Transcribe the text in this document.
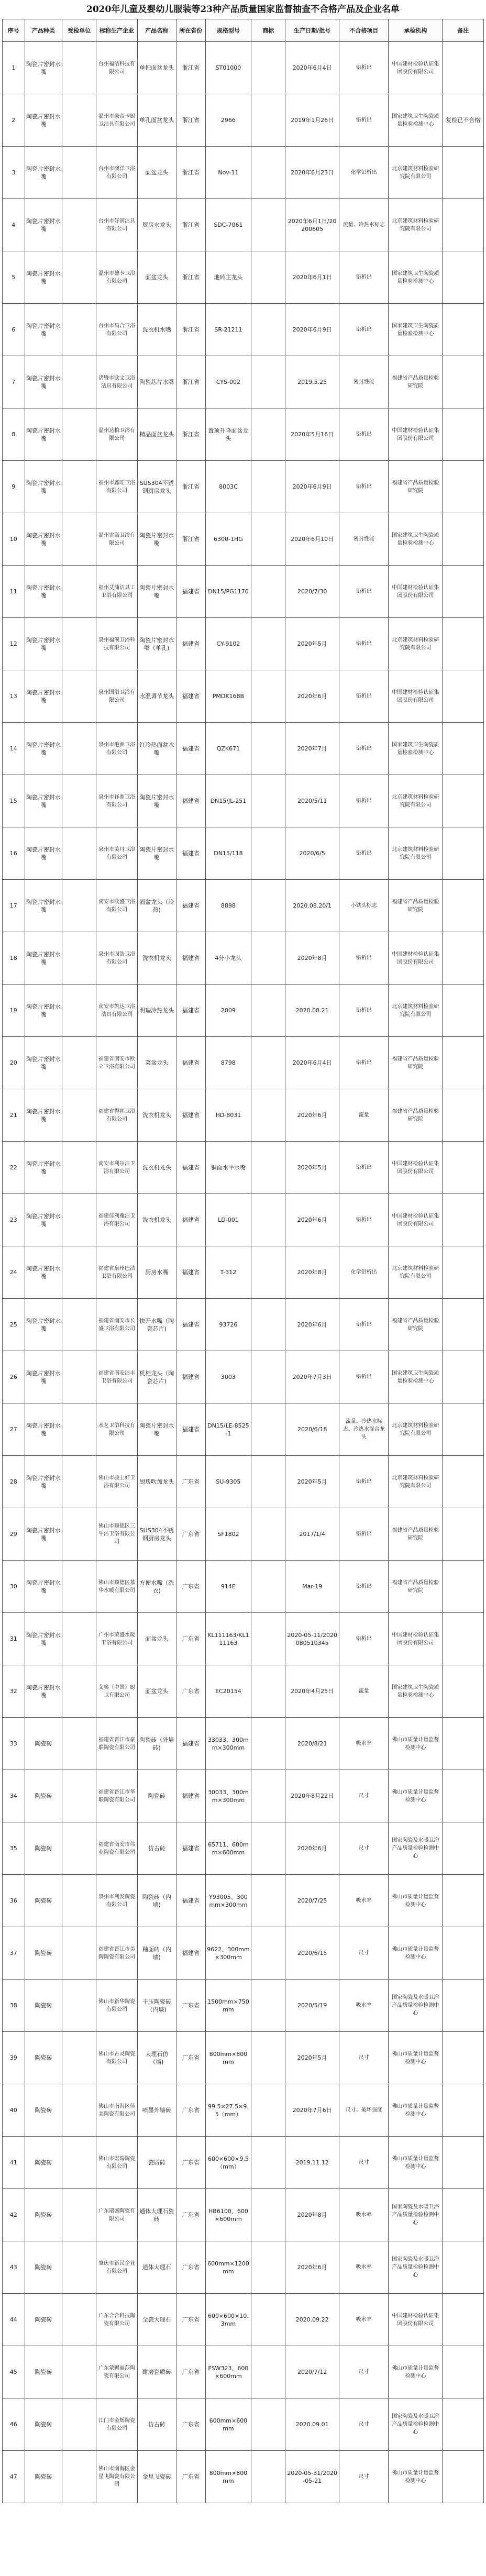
2020年儿童及婴幼儿服装等23种产品质量国家监督抽查不合格产品及企业名单
序号	产品种类	受检单位	标称生产企业	产品名称	所在省份	规格型号	商标	生产日期/批号	不合格项目	承检机构	备注
1	陶瓷片密封水嘴		台州福洁科技有限公司	单把面盆龙头	浙江省	ST01000		2020年6月4日	铅析出	中国建材检验认证集团股份有限公司	
2	陶瓷片密封水嘴		温州市豪帝卡厨卫洁具有限公司	单孔面盆龙头	浙江省	2966		2019年1月26日	铅析出	国家建筑卫生陶瓷质量检验检测中心	复检已不合格
3	陶瓷片密封水嘴		台州市澳洋卫浴有限公司	面盆龙头	浙江省	Nov-11		2020年6月23日	化学铅析出	北京建筑材料检验研究院有限公司	
4	陶瓷片密封水嘴		台州市好润洁具有限公司	厨房水龙头	浙江省	SDC-7061		2020年6月1日/20200605	流量、冷热水标志	北京建筑材料检验研究院有限公司	
5	陶瓷片密封水嘴		温州市德卡卫浴有限公司	面盆龙头	浙江省	地砖主龙头		2020年6月1日	铅析出	国家建筑卫生陶瓷质量检验检测中心	
6	陶瓷片密封水嘴		台州市昌合卫浴有限公司	洗衣机水嘴	浙江省	SR-21211		2020年6月9日	铅析出	国家建筑卫生陶瓷质量检验检测中心	
7	陶瓷片密封水嘴		诸暨市欧文卫浴洁具有限公司	陶瓷芯片水嘴	浙江省	CYS-002		2019.5.25	密封性能	福建省产品质量检验研究院	
8	陶瓷片密封水嘴		温州达柏卫浴有限公司	精品面盆龙头	浙江省	置顶升降面盆龙头		2020年5月16日	铅析出	中国建材检验认证集团股份有限公司	
9	陶瓷片密封水嘴		福州市鑫旺卫浴有限公司	SUS304不锈钢厨房龙头	浙江省	8003C		2020年6月9日	铅析出	福建省产品质量检验研究院	
10	陶瓷片密封水嘴		温州雷诺卫浴有限公司	陶瓷片密封水嘴	浙江省	6300-1HG		2020年6月10日	密封性能	国家建筑卫生陶瓷质量检验检测中心	
11	陶瓷片密封水嘴		福州艾浦洁具工卫浴有限公司	陶瓷片密封水嘴	福建省	DN15/PG1176		2020/7/30	铅析出	中国建材检验认证集团股份有限公司	
12	陶瓷片密封水嘴		泉州福溪卫浴科技有限公司	陶瓷片密封水嘴（单孔)	福建省	CY-9102		2020年5月	铅析出	北京建筑材料检验研究院有限公司	
13	陶瓷片密封水嘴		泉州国浴卫浴有限公司	水温调节龙头	福建省	PMDK168B		2020年6月	铅析出	中国建材检验认证集团股份有限公司	
14	陶瓷片密封水嘴		泉州市港洲卫浴有限公司	红冷热面盆水嘴	福建省	QZK671		2020年7月	铅析出	国家建筑卫生陶瓷质量检验检测中心	
15	陶瓷片密封水嘴		泉州市祥鼎卫浴有限公司	陶瓷片密封水嘴	福建省	DN15/JL-251		2020/5/11	铅析出	北京建筑材料检验研究院有限公司	
16	陶瓷片密封水嘴		泉州市美丹卫浴有限公司	陶瓷片密封水嘴	福建省	DN15/118		2020/6/5	铅析出	北京建筑材料检验研究院有限公司	
17	陶瓷片密封水嘴		南安市欧盛卫浴有限公司	面盆龙头（冷热)	福建省	8898		2020.08.20/1	小铁头标志	福建省产品质量检验研究院	
18	陶瓷片密封水嘴		泉州市固浩卫浴有限公司	洗衣机龙头	福建省	4分小龙头		2020年8月	铅析出	中国建材检验认证集团股份有限公司	
19	陶瓷片密封水嘴		南安市凯达卫浴洁具有限公司	明瑞冷热龙头	福建省	2009		2020.08.21	铅析出	北京建筑材料检验研究院有限公司	
20	陶瓷片密封水嘴		福建省南安市欧立卫浴有限公司	菜盆龙头	福建省	8798		2020年6月4日	铅析出	福建省产品质量检验研究院	
21	陶瓷片密封水嘴		福建省得邦卫浴有限公司	洗衣机龙头	福建省	HD-8031		2020年6月	流量	福建省产品质量检验研究院	
22	陶瓷片密封水嘴		南安市利尔洁卫浴有限公司	洗衣机龙头	福建省	铜面水平水嘴		2020年5月	铅析出	中国建材检验认证集团股份有限公司	
23	陶瓷片密封水嘴		福建佳利雅洁卫浴有限公司	洗衣机龙头	福建省	LD-001		2020年6月	铅析出	中国建材检验认证集团股份有限公司	
24	陶瓷片密封水嘴		福建省泉州巴洁卫浴有限公司	厨房水嘴	福建省	T-312		2020年8月	化学铅析出	北京建筑材料检验研究院有限公司	
25	陶瓷片密封水嘴		福建省南安市长盛卫浴有限公司	快开水嘴（陶瓷芯片)	福建省	93726		2020年6月	铅析出	福建省产品质量检验研究院	
26	陶瓷片密封水嘴		福建省南安洁丰卫浴有限公司	机柜龙头（陶瓷芯片)	福建省	3003		2020年7月3日	铅析出	国家建筑卫生陶瓷质量检验检测中心	
27	陶瓷片密封水嘴		水艺卫浴科技有限公司	陶瓷片密封水嘴	福建省	DN15/LE-8525-1		2020/6/18	流量、冷热水标志、冷热水混合龙头	北京建筑材料检验研究院有限公司	
28	陶瓷片密封水嘴		佛山市骏上好卫浴有限公司	厨房吹加龙头	广东省	SU-9305		2020年5月	铅析出	北京建筑材料检验研究院有限公司	
29	陶瓷片密封水嘴		佛山市顺德区三牛洁卫浴有限公司	SUS304不锈钢厨房龙头	广东省	SF1802		2017/1/4	铅析出	福建省产品质量检验研究院	
30	陶瓷片密封水嘴		佛山市顺德区慕华水暖有限公司	方便水嘴（洗衣)	广东省	914E		Mar-19	铅析出	福建省产品质量检验研究院	
31	陶瓷片密封水嘴		广州市荣盛水暖卫浴有限公司	面盆龙头	广东省	KL111163/KL111163		2020-05-11/2020080510345	铅析出	中国建材检验认证集团股份有限公司	
32	陶瓷片密封水嘴		艾奥（中国）厨卫有限公司	面盆龙头	广东省	EC20154		2020年4月25日	流量	国家建筑卫生陶瓷质量检验检测中心	
33	陶瓷砖		福建省晋江市豪联陶瓷有限公司	陶瓷砖（外墙砖)	福建省	33033、300mm×300mm		2020/8/21	吸水率	佛山市质量计量监督检测中心	
34	陶瓷砖		福建省晋江市华联陶瓷有限公司	陶瓷砖	福建省	30033、300mm×300mm		2020年8月22日	尺寸	佛山市质量计量监督检测中心	
35	陶瓷砖		福建省南安市伟业陶瓷有限公司	仿古砖	福建省	65711、600mm×600mm		2020年6月	尺寸	国家陶瓷及水暖卫浴产品质量检验检测中心	
36	陶瓷砖		泉州市利发陶瓷有限公司	陶瓷砖（内墙)	福建省	Y93005、300mm×300mm		2020/7/25	吸水率	佛山市质量计量监督检测中心	
37	陶瓷砖		福建省晋江市美陶陶瓷有限公司	釉面砖（内墙)	福建省	9622、300mm×300mm		2020/6/15	尺寸	佛山市质量计量监督检测中心	
38	陶瓷砖		佛山市新华陶瓷有限公司	干压陶瓷砖（内墙)	广东省	1500mm×750mm		2020/5/19	吸水率	国家陶瓷及水暖卫浴产品质量检验检测中心	
39	陶瓷砖		佛山市古灵陶瓷有限公司	大理石仿（墙)	广东省	800mm×800mm		2020年5月	尺寸	佛山市质量计量监督检测中心	
40	陶瓷砖		佛山市南海区佳美陶瓷有限公司	喷墨外墙砖	广东省	99.5×27.5×9.5（mm）		2020年7月6日	尺寸、破坏强度	佛山市质量计量监督检测中心	
41	陶瓷砖		佛山市宏瑞陶瓷有限公司	瓷质砖	广东省	600×600×9.5（mm）		2019.11.12	尺寸	佛山市质量计量监督检测中心	
42	陶瓷砖		广东瑞盛陶瓷有限公司	通体大理石瓷砖	广东省	HB6100、600×600mm		2020年8月	吸水率	国家陶瓷及水暖卫浴产品质量检验检测中心	
43	陶瓷砖		肇庆市新民企业有限公司	通体大理石	广东省	600mm×1200mm		2020年6月	吸水率	国家陶瓷及水暖卫浴产品质量检验检测中心	
44	陶瓷砖		广东合合科技陶瓷有限公司	全瓷大理石	广东省	600×600×10.3mm		2020.09.22	吸水率	中国建材检验认证集团股份有限公司	
45	陶瓷砖		广东蒙娜丽莎陶瓷有限公司	耐磨瓷质砖	广东省	FSW323、600×600mm		2020/7/12	尺寸	佛山市质量计量监督检测中心	
46	陶瓷砖		江门市金辉陶瓷有限公司	仿古砖	广东省	600mm×600mm		2020.09.01	尺寸	国家陶瓷及水暖卫浴产品质量检验检测中心	
47	陶瓷砖		佛山市南海区金星飞陶瓷有限公司	金星飞瓷砖	广东省	800mm×800mm		2020-05-31/2020-05-21	尺寸	佛山市质量计量监督检测中心	
